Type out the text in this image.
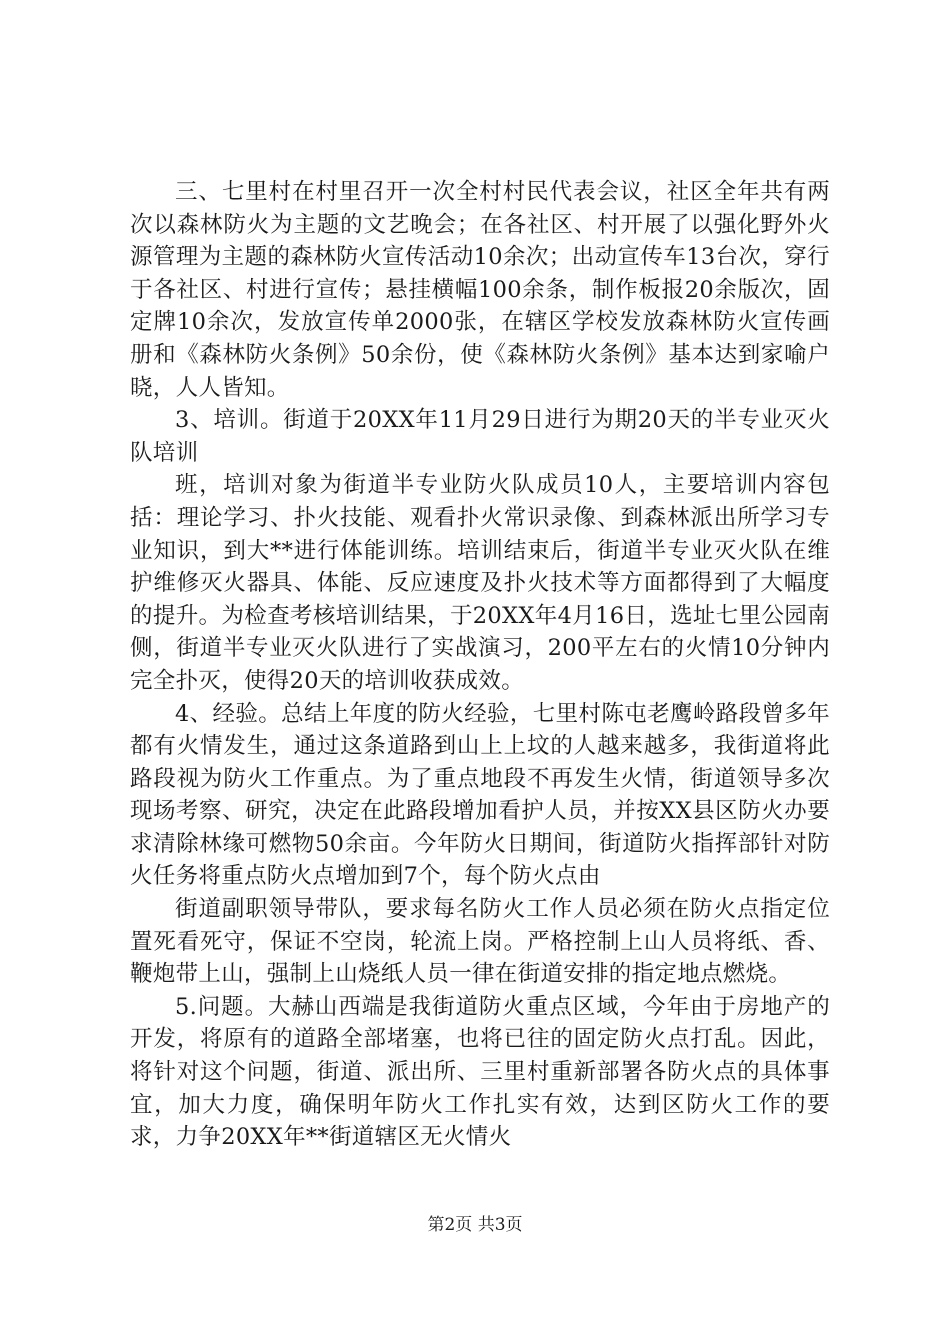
三、七里村在村里召开一次全村村民代表会议，社区全年共有两次以森林防火为主题的文艺晚会；在各社区、村开展了以强化野外火源管理为主题的森林防火宣传活动10余次；出动宣传车13台次，穿行于各社区、村进行宣传；悬挂横幅100余条，制作板报20余版次，固定牌10余次，发放宣传单2000张，在辖区学校发放森林防火宣传画册和《森林防火条例》50余份，使《森林防火条例》基本达到家喻户晓，人人皆知。

3、培训。街道于20XX年11月29日进行为期20天的半专业灭火队培训

班，培训对象为街道半专业防火队成员10人，主要培训内容包括：理论学习、扑火技能、观看扑火常识录像、到森林派出所学习专业知识，到大**进行体能训练。培训结束后，街道半专业灭火队在维护维修灭火器具、体能、反应速度及扑火技术等方面都得到了大幅度的提升。为检查考核培训结果，于20XX年4月16日，选址七里公园南侧，街道半专业灭火队进行了实战演习，200平左右的火情10分钟内完全扑灭，使得20天的培训收获成效。

4、经验。总结上年度的防火经验，七里村陈屯老鹰岭路段曾多年都有火情发生，通过这条道路到山上上坟的人越来越多，我街道将此路段视为防火工作重点。为了重点地段不再发生火情，街道领导多次现场考察、研究，决定在此路段增加看护人员，并按XX县区防火办要求清除林缘可燃物50余亩。今年防火日期间，街道防火指挥部针对防火任务将重点防火点增加到7个，每个防火点由

街道副职领导带队，要求每名防火工作人员必须在防火点指定位置死看死守，保证不空岗，轮流上岗。严格控制上山人员将纸、香、鞭炮带上山，强制上山烧纸人员一律在街道安排的指定地点燃烧。

5.问题。大赫山西端是我街道防火重点区域，今年由于房地产的开发，将原有的道路全部堵塞，也将已往的固定防火点打乱。因此，将针对这个问题，街道、派出所、三里村重新部署各防火点的具体事宜，加大力度，确保明年防火工作扎实有效，达到区防火工作的要求，力争20XX年**街道辖区无火情火

第2页 共3页
